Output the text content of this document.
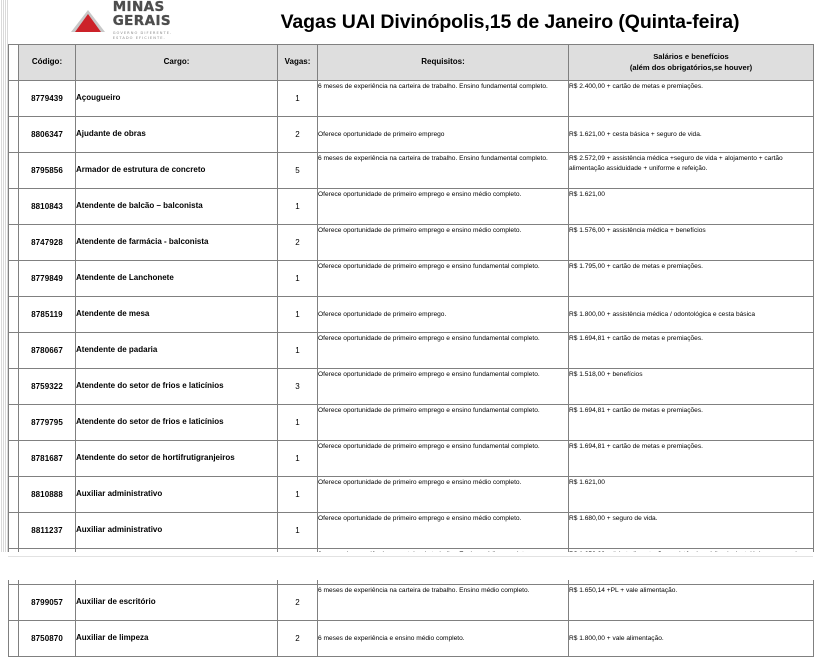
MINAS
GERAIS
GOVERNO DIFERENTE.
ESTADO EFICIENTE.
Vagas UAI Divinópolis,15 de Janeiro (Quinta-feira)
	Código:	Cargo:	Vagas:	Requisitos:	Salários e benefícios
(além dos obrigatórios,se houver)

	8779439	Açougueiro	1	6 meses de experiência na carteira de trabalho. Ensino fundamental completo.	R$ 2.400,00 + cartão de metas e premiações.

	8806347	Ajudante de obras	2	Oferece oportunidade de primeiro emprego	R$ 1.621,00 + cesta básica + seguro de vida.

	8795856	Armador de estrutura de concreto	5	6 meses de experiência na carteira de trabalho. Ensino fundamental completo.	R$ 2.572,09 + assistência médica +seguro de vida + alojamento + cartão alimentação assiduidade + uniforme e refeição.

	8810843	Atendente de balcão – balconista	1	Oferece oportunidade de primeiro emprego e ensino médio completo.	R$ 1.621,00

	8747928	Atendente de farmácia - balconista	2	Oferece oportunidade de primeiro emprego e ensino médio completo.	R$ 1.576,00 + assistência médica + benefícios

	8779849	Atendente de Lanchonete	1	Oferece oportunidade de primeiro emprego e ensino fundamental completo.	R$ 1.795,00 + cartão de metas e premiações.

	8785119	Atendente de mesa	1	Oferece oportunidade de primeiro emprego.	R$ 1.800,00 + assistência médica / odontológica e cesta básica

	8780667	Atendente de padaria	1	Oferece oportunidade de primeiro emprego e ensino fundamental completo.	R$ 1.694,81 + cartão de metas e premiações.

	8759322	Atendente do setor de frios e laticínios	3	Oferece oportunidade de primeiro emprego e ensino fundamental completo.	R$ 1.518,00 + benefícios

	8779795	Atendente do setor de frios e laticínios	1	Oferece oportunidade de primeiro emprego e ensino fundamental completo.	R$ 1.694,81 + cartão de metas e premiações.

	8781687	Atendente do setor de hortifrutigranjeiros	1	Oferece oportunidade de primeiro emprego e ensino fundamental completo.	R$ 1.694,81 + cartão de metas e premiações.

	8810888	Auxiliar administrativo	1	Oferece oportunidade de primeiro emprego e ensino médio completo.	R$ 1.621,00

	8811237	Auxiliar administrativo	1	Oferece oportunidade de primeiro emprego e ensino médio completo.	R$ 1.680,00 + seguro de vida.

	8799057	Auxiliar de escritório	2	6 meses de experiência na carteira de trabalho. Ensino médio completo.	R$ 1.650,14 +PL + vale alimentação.

	8750870	Auxiliar de limpeza	2	6 meses de experiência e ensino médio completo.	R$ 1.800,00 + vale alimentação.
